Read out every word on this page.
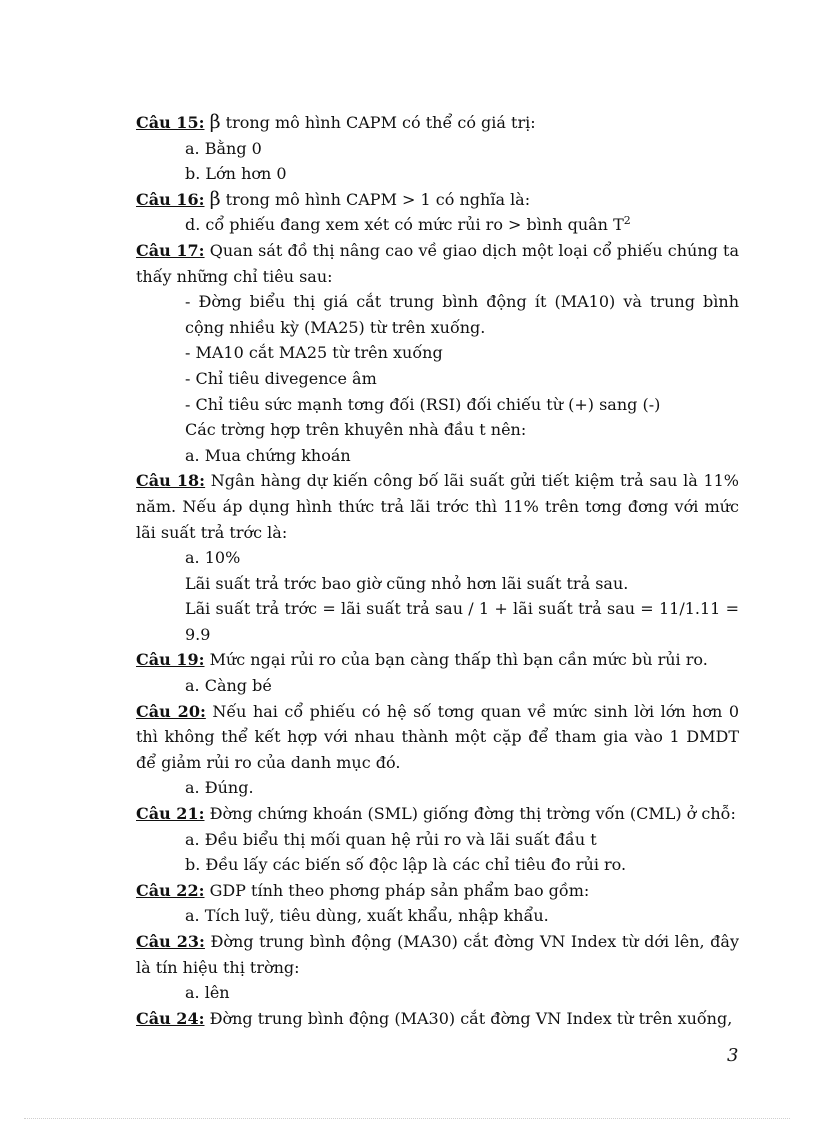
Câu 15: β trong mô hình CAPM có thể có giá trị:

a. Bằng 0

b. Lớn hơn 0

Câu 16: β trong mô hình CAPM > 1 có nghĩa là:

d. cổ phiếu đang xem xét có mức rủi ro > bình quân $T^2$

Câu 17: Quan sát đồ thị nâng cao về giao dịch một loại cổ phiếu chúng ta thấy những chỉ tiêu sau:

- Đờng biểu thị giá cắt trung bình động ít (MA10) và trung bình cộng nhiều kỳ (MA25) từ trên xuống.

- MA10 cắt MA25 từ trên xuống

- Chỉ tiêu divegence âm

- Chỉ tiêu sức mạnh tơng đối (RSI) đối chiếu từ (+) sang (-)

Các trờng hợp trên khuyên nhà đầu t nên:

a. Mua chứng khoán

Câu 18: Ngân hàng dự kiến công bố lãi suất gửi tiết kiệm trả sau là 11% năm. Nếu áp dụng hình thức trả lãi trớc thì 11% trên tơng đơng với mức lãi suất trả trớc là:

a. 10%

Lãi suất trả trớc bao giờ cũng nhỏ hơn lãi suất trả sau.

Lãi suất trả trớc = lãi suất trả sau / 1 + lãi suất trả sau = 11/1.11 = 9.9

Câu 19: Mức ngại rủi ro của bạn càng thấp thì bạn cần mức bù rủi ro.

a. Càng bé

Câu 20: Nếu hai cổ phiếu có hệ số tơng quan về mức sinh lời lớn hơn 0 thì không thể kết hợp với nhau thành một cặp để tham gia vào 1 DMDT để giảm rủi ro của danh mục đó.

a. Đúng.

Câu 21: Đờng chứng khoán (SML) giống đờng thị trờng vốn (CML) ở chỗ:

a. Đều biểu thị mối quan hệ rủi ro và lãi suất đầu t

b. Đều lấy các biến số độc lập là các chỉ tiêu đo rủi ro.

Câu 22: GDP tính theo phơng pháp sản phẩm bao gồm:

a. Tích luỹ, tiêu dùng, xuất khẩu, nhập khẩu.

Câu 23: Đờng trung bình động (MA30) cắt đờng VN Index từ dới lên, đây là tín hiệu thị trờng:

a. lên

Câu 24: Đờng trung bình động (MA30) cắt đờng VN Index từ trên xuống,

3
